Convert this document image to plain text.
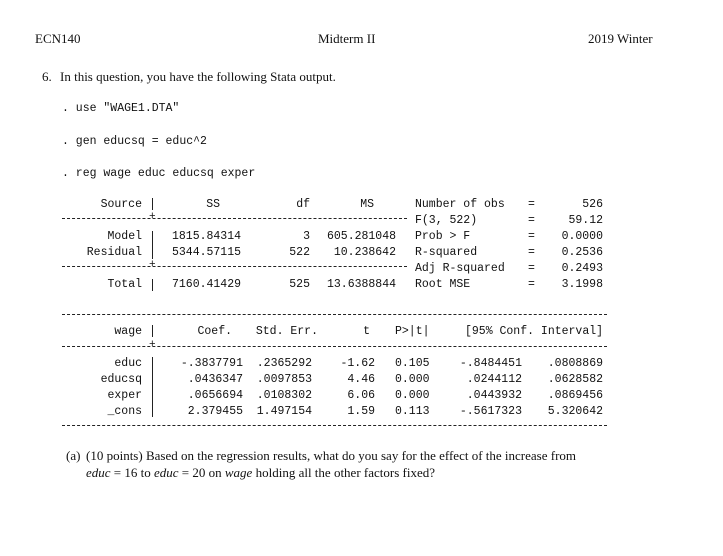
ECN140	Midterm II	2019 Winter
6. In this question, you have the following Stata output.
. use "WAGE1.DTA"
. gen educsq = educ^2
. reg wage educ educsq exper
Source	SS	df	MS
+
+
Model	1815.84314	3	605.281048
Residual	5344.57115	522	10.238642
Total	7160.41429	525	13.6388844
Number of obs =	526
F(3, 522)	=	59.12
Prob > F	=	0.0000
R-squared	=	0.2536
Adj R-squared =	0.2493
Root MSE	=	3.1998
wage	Coef.	Std. Err.	t P>|t|	[95% Conf. Interval]
+
educ	-.3837791	.2365292	-1.62 0.105	-.8484451	.0808869
educsq	.0436347	.0097853	4.46 0.000	.0244112	.0628582
exper	.0656694	.0108302	6.06 0.000	.0443932	.0869456
_cons	2.379455	1.497154	1.59 0.113	-.5617323	5.320642
(a) (10 points) Based on the regression results, what do you say for the effect of the increase from
educ = 16 to educ = 20 on wage holding all the other factors fixed?
